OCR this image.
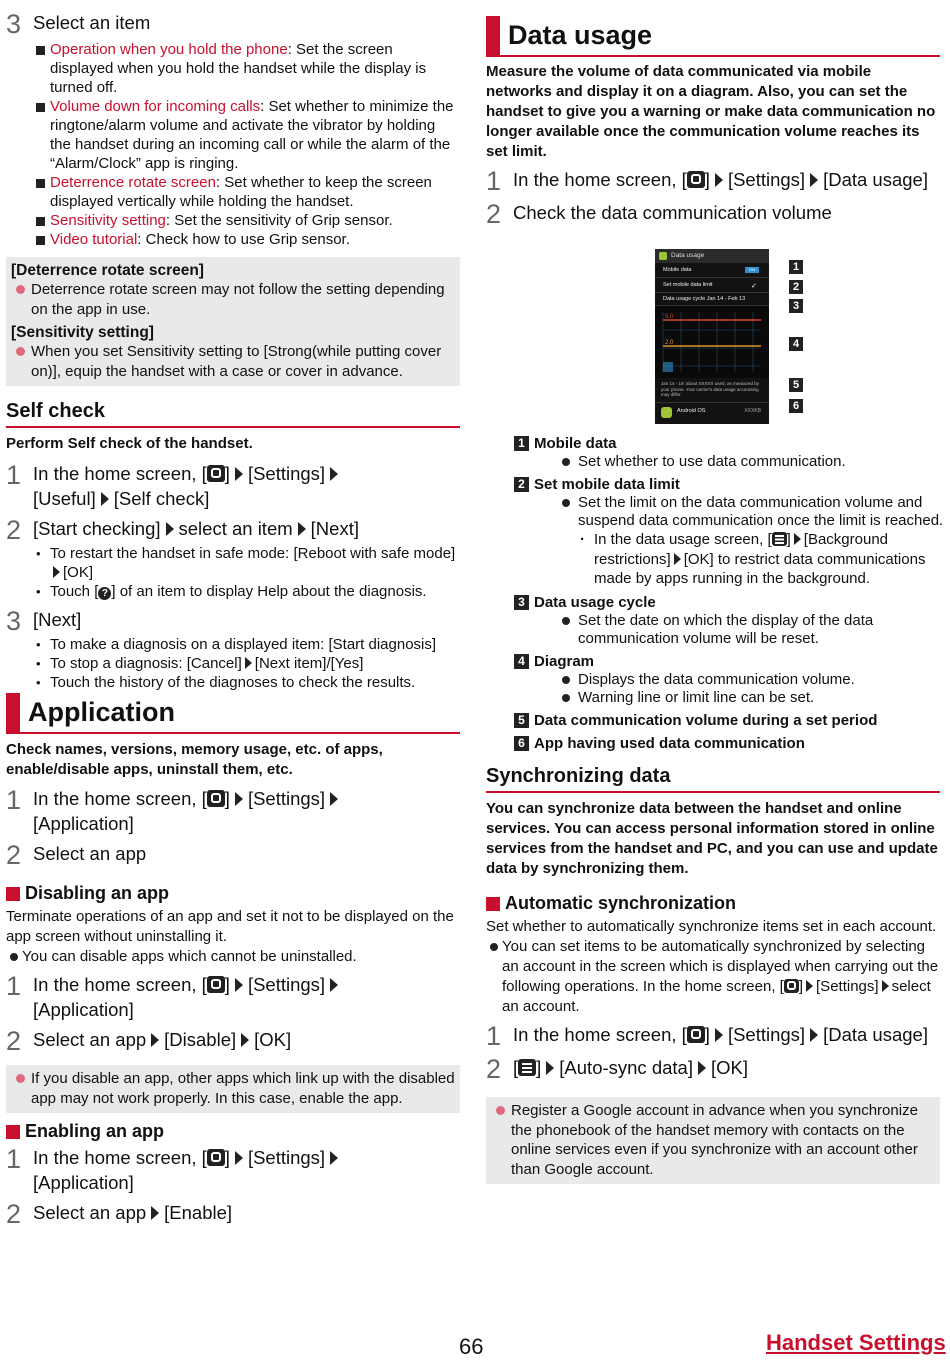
3 Select an item
Operation when you hold the phone: Set the screen displayed when you hold the handset while the display is turned off.
Volume down for incoming calls: Set whether to minimize the ringtone/alarm volume and activate the vibrator by holding the handset during an incoming call or while the alarm of the “Alarm/Clock” app is ringing.
Deterrence rotate screen: Set whether to keep the screen displayed vertically while holding the handset.
Sensitivity setting: Set the sensitivity of Grip sensor.
Video tutorial: Check how to use Grip sensor.
[Deterrence rotate screen]
Deterrence rotate screen may not follow the setting depending on the app in use.
[Sensitivity setting]
When you set Sensitivity setting to [Strong(while putting cover on)], equip the handset with a case or cover in advance.
Self check
Perform Self check of the handset.
1 In the home screen, [ ] [Settings]
[Useful] [Self check]
2 [Start checking] select an item [Next]
• To restart the handset in safe mode: [Reboot with safe mode][OK]
• Touch [ ? ] of an item to display Help about the diagnosis.
3 [Next]
• To make a diagnosis on a displayed item: [Start diagnosis]
• To stop a diagnosis: [Cancel] [Next item]/[Yes]
• Touch the history of the diagnoses to check the results.
Application
Check names, versions, memory usage, etc. of apps, enable/disable apps, uninstall them, etc.
1 In the home screen, [ ] [Settings]
[Application]
2 Select an app
Disabling an app
Terminate operations of an app and set it not to be displayed on the app screen without uninstalling it.
You can disable apps which cannot be uninstalled.
1 In the home screen, [ ] [Settings]
[Application]
2 Select an app [Disable] [OK]
If you disable an app, other apps which link up with the disabled app may not work properly. In this case, enable the app.
Enabling an app
1 In the home screen, [ ] [Settings]
[Application]
2 Select an app [Enable]
Data usage
Measure the volume of data communicated via mobile networks and display it on a diagram. Also, you can set the handset to give you a warning or make data communication no longer available once the communication volume reaches its set limit.
1 In the home screen, [ ] [Settings] [Data usage]
2 Check the data communication volume
1 Mobile data
Set whether to use data communication.
2 Set mobile data limit
Set the limit on the data communication volume and suspend data communication once the limit is reached.
· In the data usage screen, [ ] [Background restrictions] [OK] to restrict data communications made by apps running in the background.
3 Data usage cycle
Set the date on which the display of the data communication volume will be reset.
4 Diagram
Displays the data communication volume.
Warning line or limit line can be set.
5 Data communication volume during a set period
6 App having used data communication
Synchronizing data
You can synchronize data between the handset and online services. You can access personal information stored in online services from the handset and PC, and you can use and update data by synchronizing them.
Automatic synchronization
Set whether to automatically synchronize items set in each account.
You can set items to be automatically synchronized by selecting an account in the screen which is displayed when carrying out the following operations. In the home screen, [ ] [Settings] select an account.
1 In the home screen, [ ] [Settings] [Data usage]
2 [ ] [Auto-sync data] [OK]
Register a Google account in advance when you synchronize the phonebook of the handset memory with contacts on the online services even if you synchronize with an account other than Google account.
Data usage
Mobile data	ON
Set mobile data limit	✓
Data usage cycle Jan 14 - Feb 13
5.0
2.0
Jan 14 - 19: about XXXXX used, as measured by your phone. Your carrier's data usage accounting may differ.
Android OS	XXXKB
1
2
3
4
5
6
66	Handset Settings
